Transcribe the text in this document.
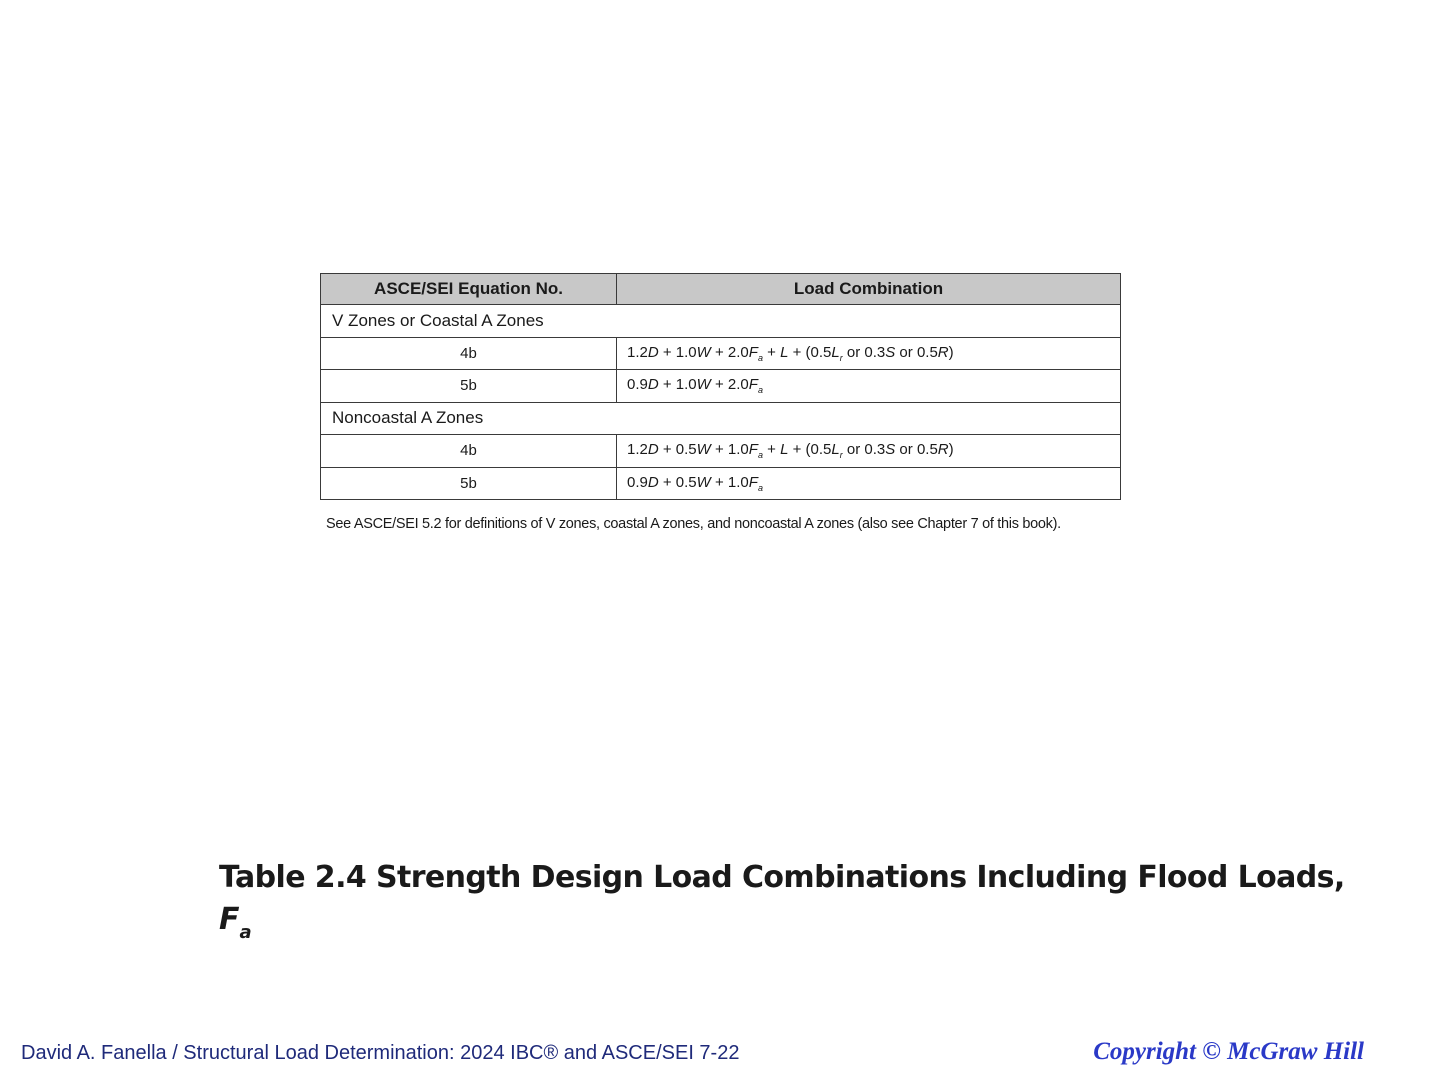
ASCE/SEI Equation No.	Load Combination
V Zones or Coastal A Zones	
4b	$1.2D + 1.0W + 2.0F_a + L + (0.5L_r$ or 0.3S or 0.5R)
5b	$0.9D + 1.0W + 2.0F_a$
Noncoastal A Zones	
4b	$1.2D + 0.5W + 1.0F_a + L + (0.5L_r$ or 0.3S or 0.5R)
5b	$0.9D + 0.5W + 1.0F_a$
See ASCE/SEI 5.2 for definitions of V zones, coastal A zones, and noncoastal A zones (also see Chapter 7 of this book).
Table 2.4 Strength Design Load Combinations Including Flood Loads,
$F_a$
David A. Fanella / Structural Load Determination: 2024 IBC® and ASCE/SEI 7-22	Copyright © McGraw Hill
